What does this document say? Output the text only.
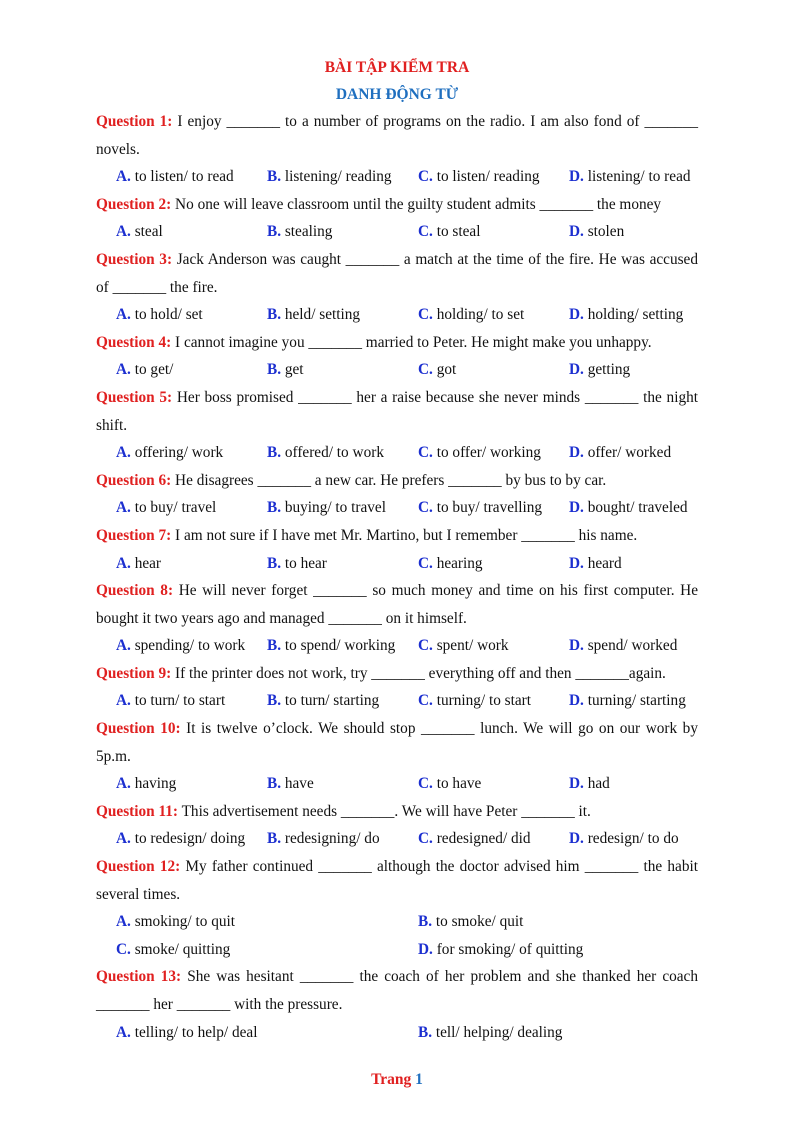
BÀI TẬP KIỂM TRA
DANH ĐỘNG TỪ

Question 1: I enjoy _______ to a number of programs on the radio. I am also fond of _______ novels.

A. to listen/ to read	B. listening/ reading	C. to listen/ reading	D. listening/ to read

Question 2: No one will leave classroom until the guilty student admits _______ the money

A. steal	B. stealing	C. to steal	D. stolen

Question 3: Jack Anderson was caught _______ a match at the time of the fire. He was accused of _______ the fire.

A. to hold/ set	B. held/ setting	C. holding/ to set	D. holding/ setting

Question 4: I cannot imagine you _______ married to Peter. He might make you unhappy.

A. to get/	B. get	C. got	D. getting

Question 5: Her boss promised _______ her a raise because she never minds _______ the night shift.

A. offering/ work	B. offered/ to work	C. to offer/ working	D. offer/ worked

Question 6: He disagrees _______ a new car. He prefers _______ by bus to by car.

A. to buy/ travel	B. buying/ to travel	C. to buy/ travelling	D. bought/ traveled

Question 7: I am not sure if I have met Mr. Martino, but I remember _______ his name.

A. hear	B. to hear	C. hearing	D. heard

Question 8: He will never forget _______ so much money and time on his first computer. He bought it two years ago and managed _______ on it himself.

A. spending/ to work	B. to spend/ working	C. spent/ work	D. spend/ worked

Question 9: If the printer does not work, try _______ everything off and then _______again.

A. to turn/ to start	B. to turn/ starting	C. turning/ to start	D. turning/ starting

Question 10: It is twelve o’clock. We should stop _______ lunch. We will go on our work by 5p.m.

A. having	B. have	C. to have	D. had

Question 11: This advertisement needs _______. We will have Peter _______ it.

A. to redesign/ doing	B. redesigning/ do	C. redesigned/ did	D. redesign/ to do

Question 12: My father continued _______ although the doctor advised him _______ the habit several times.

A. smoking/ to quit	B. to smoke/ quit
C. smoke/ quitting	D. for smoking/ of quitting

Question 13: She was hesitant _______ the coach of her problem and she thanked her coach _______ her _______ with the pressure.

A. telling/ to help/ deal	B. tell/ helping/ dealing
Trang 1
